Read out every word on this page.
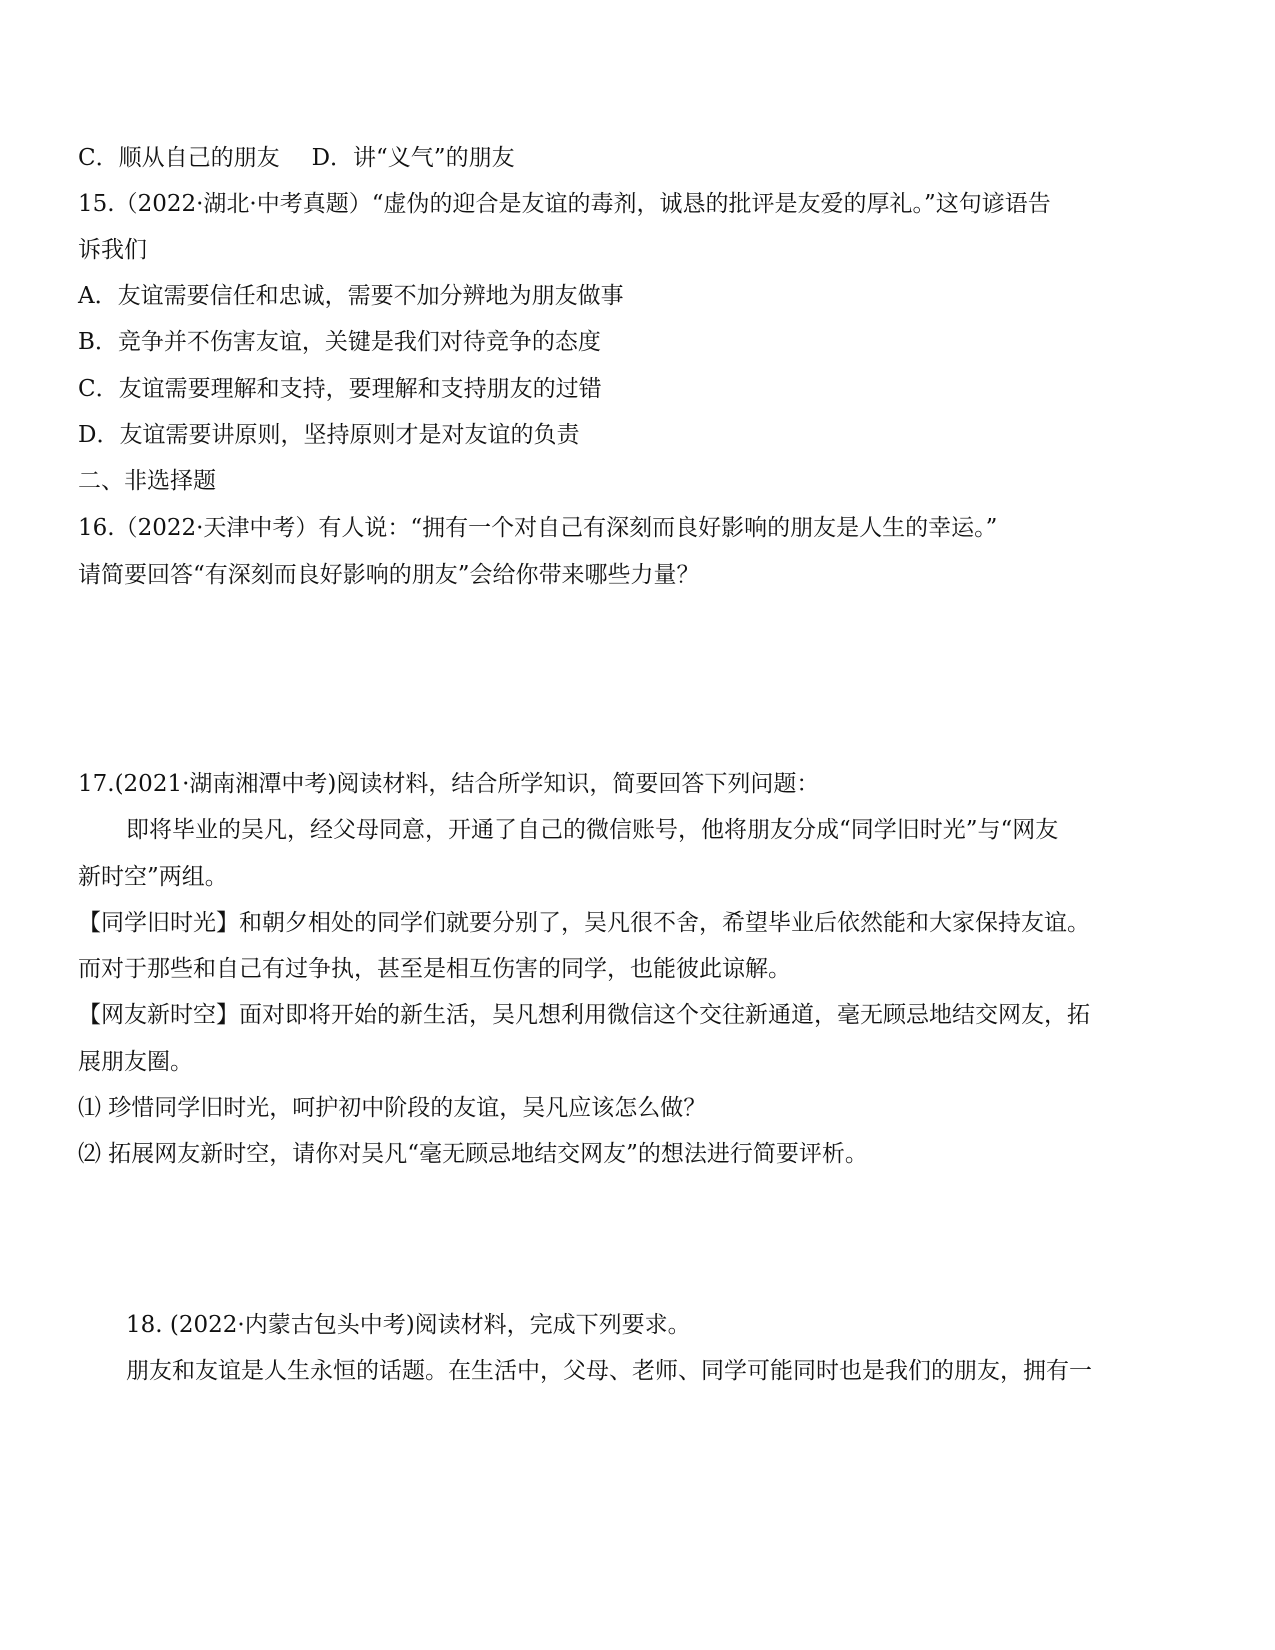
C．顺从自己的朋友 D．讲“义气”的朋友
15.（2022·湖北·中考真题）“虚伪的迎合是友谊的毒剂，诚恳的批评是友爱的厚礼。”这句谚语告
诉我们
A．友谊需要信任和忠诚，需要不加分辨地为朋友做事
B．竞争并不伤害友谊，关键是我们对待竞争的态度
C．友谊需要理解和支持，要理解和支持朋友的过错
D．友谊需要讲原则，坚持原则才是对友谊的负责
二、非选择题
16.（2022·天津中考）有人说：“拥有一个对自己有深刻而良好影响的朋友是人生的幸运。”
请简要回答“有深刻而良好影响的朋友”会给你带来哪些力量？
17.(2021·湖南湘潭中考)阅读材料，结合所学知识，简要回答下列问题：
即将毕业的吴凡，经父母同意，开通了自己的微信账号，他将朋友分成“同学旧时光”与“网友
新时空”两组。
【同学旧时光】和朝夕相处的同学们就要分别了，吴凡很不舍，希望毕业后依然能和大家保持友谊。
而对于那些和自己有过争执，甚至是相互伤害的同学，也能彼此谅解。
【网友新时空】面对即将开始的新生活，吴凡想利用微信这个交往新通道，毫无顾忌地结交网友，拓
展朋友圈。
⑴ 珍惜同学旧时光，呵护初中阶段的友谊，吴凡应该怎么做？
⑵ 拓展网友新时空，请你对吴凡“毫无顾忌地结交网友”的想法进行简要评析。
18. (2022·内蒙古包头中考)阅读材料，完成下列要求。
朋友和友谊是人生永恒的话题。在生活中，父母、老师、同学可能同时也是我们的朋友，拥有一
